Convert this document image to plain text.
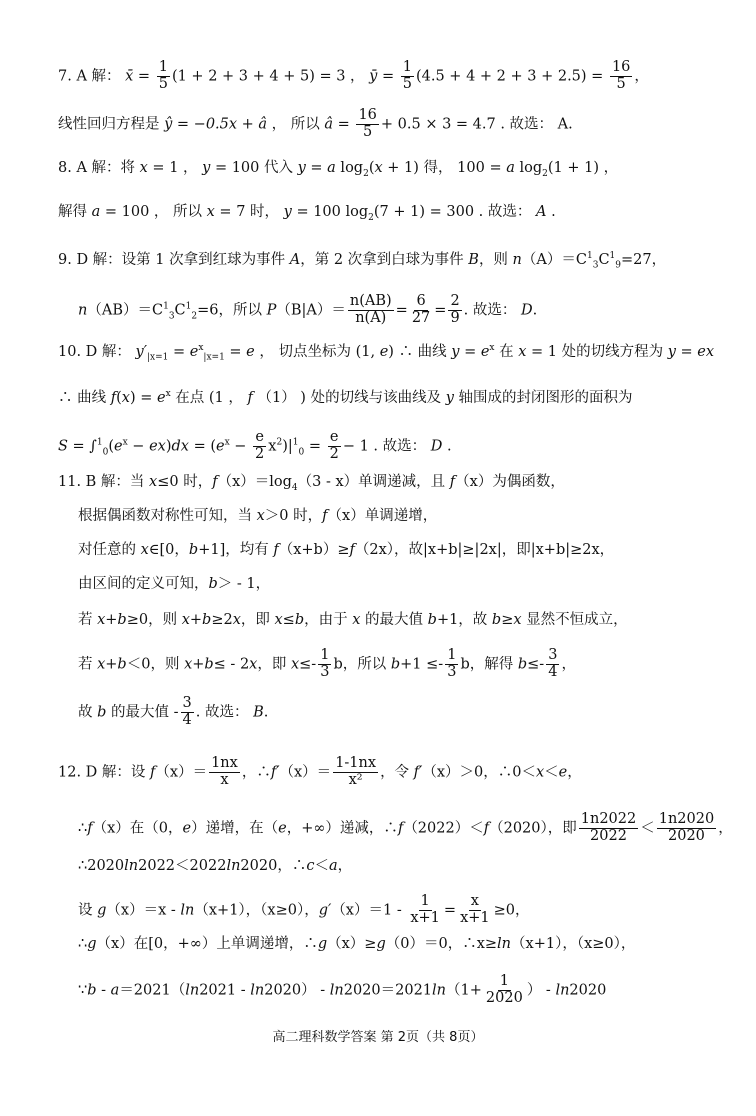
7. A 解： x̄ = $\frac{1}{5} (1 + 2 + 3 + 4 + 5) = 3$ ， ȳ = $\frac{1}{5} (4.5 + 4 + 2 + 3 + 2.5) = \frac{16}{5}$ ，
线性回归方程是 ŷ = −0.5x + â ， 所以 â = $\frac{16}{5} + 0.5 \times 3 = 4.7$ . 故选： A.
8. A 解：将 x = 1 ， y = 100 代入 y = a $\log_2(x + 1)$ 得， 100 = a $\log_2(1 + 1)$ ，
解得 a = 100 ， 所以 x = 7 时， y = 100 $\log_2(7 + 1) = 300$ . 故选： A .
9. D 解：设第 1 次拿到红球为事件 A，第 2 次拿到白球为事件 B，则 $n(A)=C^1_3C^1_9=27$，
$n(AB)=C^1_3C^1_2=6$，所以 $P(B|A)= \frac{n(AB)}{n(A)} = \frac{6}{27} = \frac{2}{9}$ . 故选： D.
10. D 解： $y'_{|x=1} = e^x_{|x=1} = e$ ， 切点坐标为 (1, e) ∴ 曲线 $y = e^x$ 在 x = 1 处的切线方程为 y = ex
∴ 曲线 $f(x) = e^x$ 在点 (1 ， f （1） ) 处的切线与该曲线及 y 轴围成的封闭图形的面积为
$S = \int^1_0(e^x - ex)dx = (e^x - \frac{e}{2} x^2)|^1_0 = \frac{e}{2} - 1$ . 故选： D .
11. B 解：当 x≤0 时，$f(x)=\log_4(3 - x)$单调递减，且 f（x）为偶函数，
根据偶函数对称性可知，当 x＞0 时，f（x）单调递增，
对任意的 x∈[0，b+1]，均有 f（x+b）≥f（2x），故|x+b|≥|2x|，即|x+b|≥2x，
由区间的定义可知，b＞ - 1，
若 x+b≥0，则 x+b≥2x，即 x≤b，由于 x 的最大值 b+1，故 b≥x 显然不恒成立，
若 x+b＜0，则 x+b≤ - 2x，即 $x\le- \frac{1}{3}$ b，所以 $b+1 \le- \frac{1}{3}$ b，解得 $b\le- \frac{3}{4}$ ，
故 b 的最大值 - $\frac{3}{4}$ . 故选： B.
12. D 解：设 $f(x)= \frac{1nx}{x}$ ，∴f′（x）＝ $\frac{1-1nx}{\text{x²}}$ ，令 f′（x）＞0，∴0＜x＜e，
∴f（x）在（0，e）递增，在（e，+∞）递减，∴f（2022）＜f（2020），即 $\frac{1n2022}{2022} < \frac{1n2020}{2020}$ ，
∴2020ln2022＜2022ln2020，∴c＜a，
设 g（x）＝x - ln（x+1），（x≥0），$g'(x)=1 - \frac{1}{x+1} = \frac{x}{x+1} \ge 0$，
∴g（x）在[0，+∞）上单调递增，∴g（x）≥g（0）＝0，∴x≥ln（x+1），（x≥0），
∵b - $a=2021(\ln 2021 - \ln 2020) - \ln 2020=2021\ln(1+ \frac{1}{2020}$ ） - ln2020
高二理科数学答案 第 2页（共 8页）
